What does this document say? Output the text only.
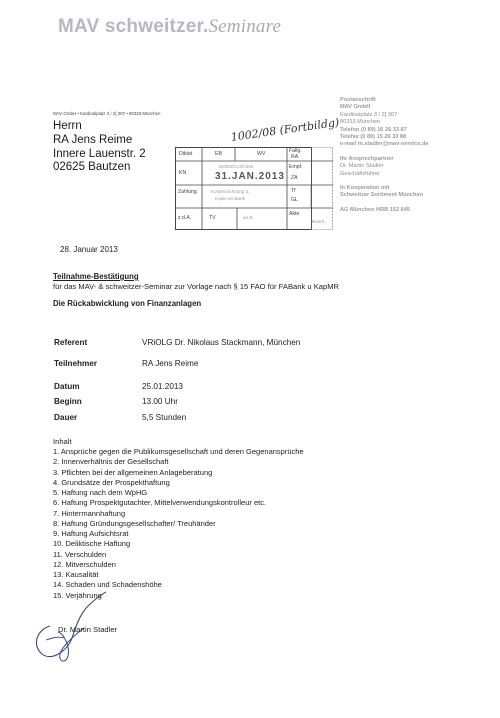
MAV schweitzer.Seminare
MAV GmbH • Kardinalplatz 3 / 2] 307 • 80333 München
Herrn
RA Jens Reime
Innere Lauenstr. 2
02625 Bautzen
Postanschrift
MAV GmbH
Kardinalplatz 3 / 2] 307
80333 München
Telefon (0 89) 16 26 33 87
Telefax (0 89) 15 26 33 88
e-mail m.stadler@mav-service.de
Ihr Ansprechpartner
Dr. Martin Stadler
Geschäftsführer
In Kooperation mit
Schweitzer Sortiment München
AG München HRB 152 645
1002/08 (Fortbildg)
Diktat	EB	WV	Fallg.
RA
KN
EINGEGANGEN
31.JAN.2013
Empf.
ZA
Zahlung	Kostenrechnung &
Kopie an Bank
Tf
GL
z.d.A.	TV	an B.
Akte
Bearb.
28. Januar 2013
Teilnahme-Bestätigung
für das MAV- & schweitzer-Seminar zur Vorlage nach § 15 FAO für FABank u KapMR
Die Rückabwicklung von Finanzanlagen
Referent	VRiOLG Dr. Nikolaus Stackmann, München
Teilnehmer	RA Jens Reime
Datum	25.01.2013
Beginn	13.00 Uhr
Dauer	5,5 Stunden
Inhalt
1. Ansprüche gegen die Publikumsgesellschaft und deren Gegenansprüche
2. Innenverhältnis der Gesellschaft
3. Pflichten bei der allgemeinen Anlageberatung
4. Grundsätze der Prospekthaftung
5. Haftung nach dem WpHG
6. Haftung Prospektgutachter, Mittelverwendungskontrolleur etc.
7. Hintermannhaftung
8. Haftung Gründungsgesellschafter/ Treuhänder
9. Haftung Aufsichtsrat
10. Deliktische Haftung
11. Verschulden
12. Mitverschulden
13. Kausalität
14. Schaden und Schadenshöhe
15. Verjährung
Dr. Martin Stadler
